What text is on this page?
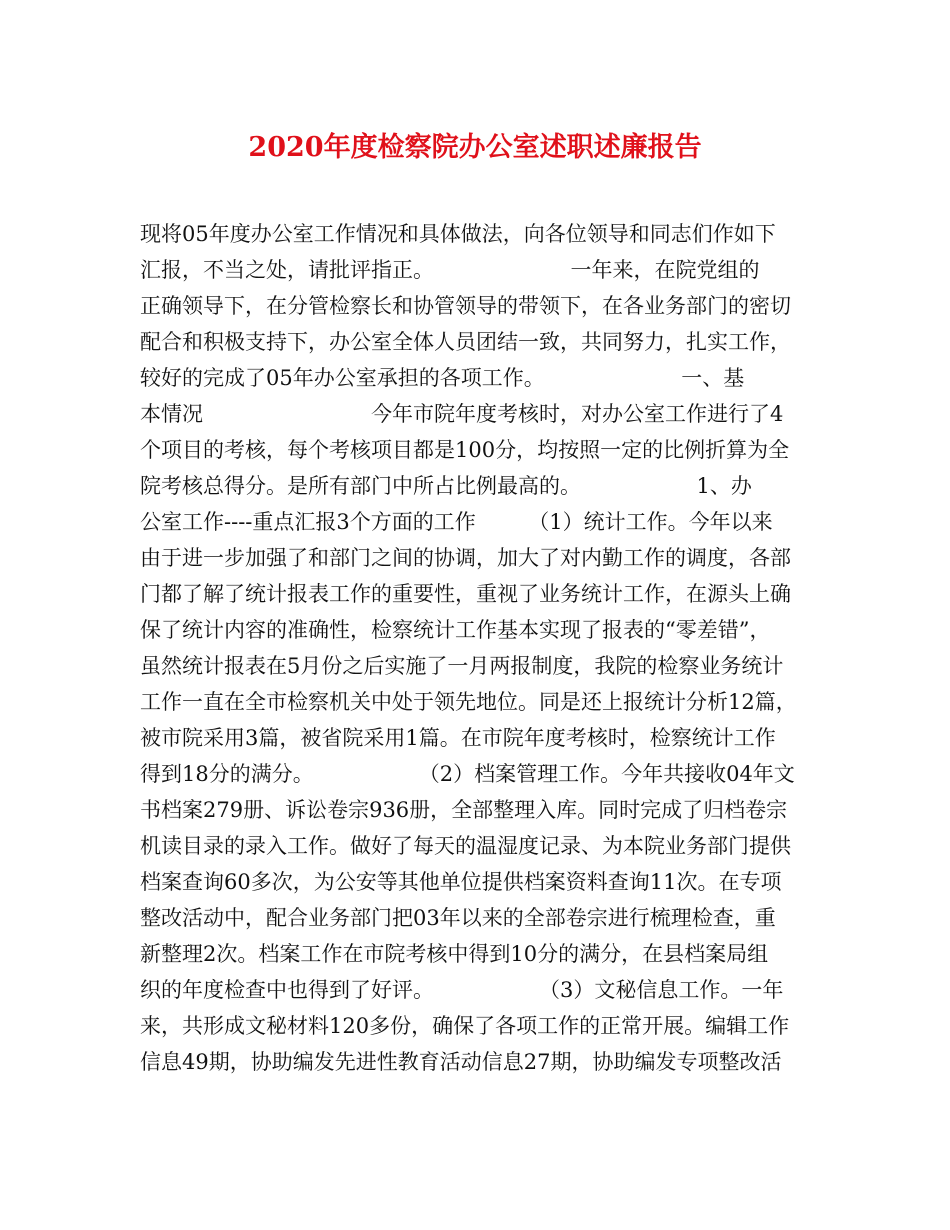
2020年度检察院办公室述职述廉报告
现将05年度办公室工作情况和具体做法，向各位领导和同志们作如下
汇报，不当之处，请批评指正。　　　　　　　一年来，在院党组的
正确领导下，在分管检察长和协管领导的带领下，在各业务部门的密切
配合和积极支持下，办公室全体人员团结一致，共同努力，扎实工作，
较好的完成了05年办公室承担的各项工作。　　　　　　　一、基
本情况　　　　　　　　今年市院年度考核时，对办公室工作进行了4
个项目的考核，每个考核项目都是100分，均按照一定的比例折算为全
院考核总得分。是所有部门中所占比例最高的。　　　　　　1、办
公室工作----重点汇报3个方面的工作　　　（1）统计工作。今年以来
由于进一步加强了和部门之间的协调，加大了对内勤工作的调度，各部
门都了解了统计报表工作的重要性，重视了业务统计工作，在源头上确
保了统计内容的准确性，检察统计工作基本实现了报表的“零差错”，
虽然统计报表在5月份之后实施了一月两报制度，我院的检察业务统计
工作一直在全市检察机关中处于领先地位。同是还上报统计分析12篇，
被市院采用3篇，被省院采用1篇。在市院年度考核时，检察统计工作
得到18分的满分。　　　　　　（2）档案管理工作。今年共接收04年文
书档案279册、诉讼卷宗936册，全部整理入库。同时完成了归档卷宗
机读目录的录入工作。做好了每天的温湿度记录、为本院业务部门提供
档案查询60多次，为公安等其他单位提供档案资料查询11次。在专项
整改活动中，配合业务部门把03年以来的全部卷宗进行梳理检查，重
新整理2次。档案工作在市院考核中得到10分的满分，在县档案局组
织的年度检查中也得到了好评。　　　　　　（3）文秘信息工作。一年
来，共形成文秘材料120多份，确保了各项工作的正常开展。编辑工作
信息49期，协助编发先进性教育活动信息27期，协助编发专项整改活
